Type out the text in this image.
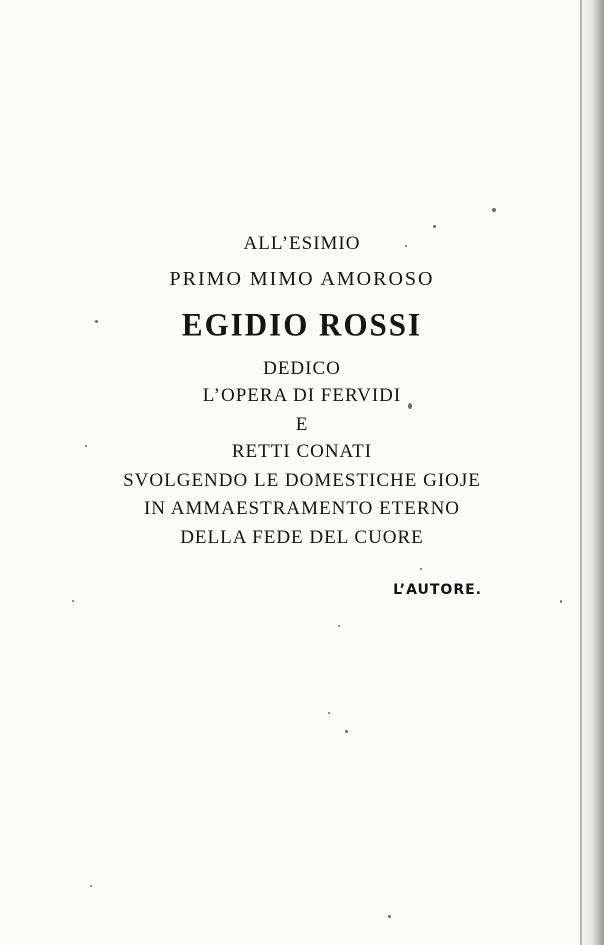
ALL’ESIMIO
PRIMO MIMO AMOROSO
EGIDIO ROSSI
DEDICO
L’OPERA DI FERVIDI
E
RETTI CONATI
SVOLGENDO LE DOMESTICHE GIOJE
IN AMMAESTRAMENTO ETERNO
DELLA FEDE DEL CUORE
L’AUTORE.
